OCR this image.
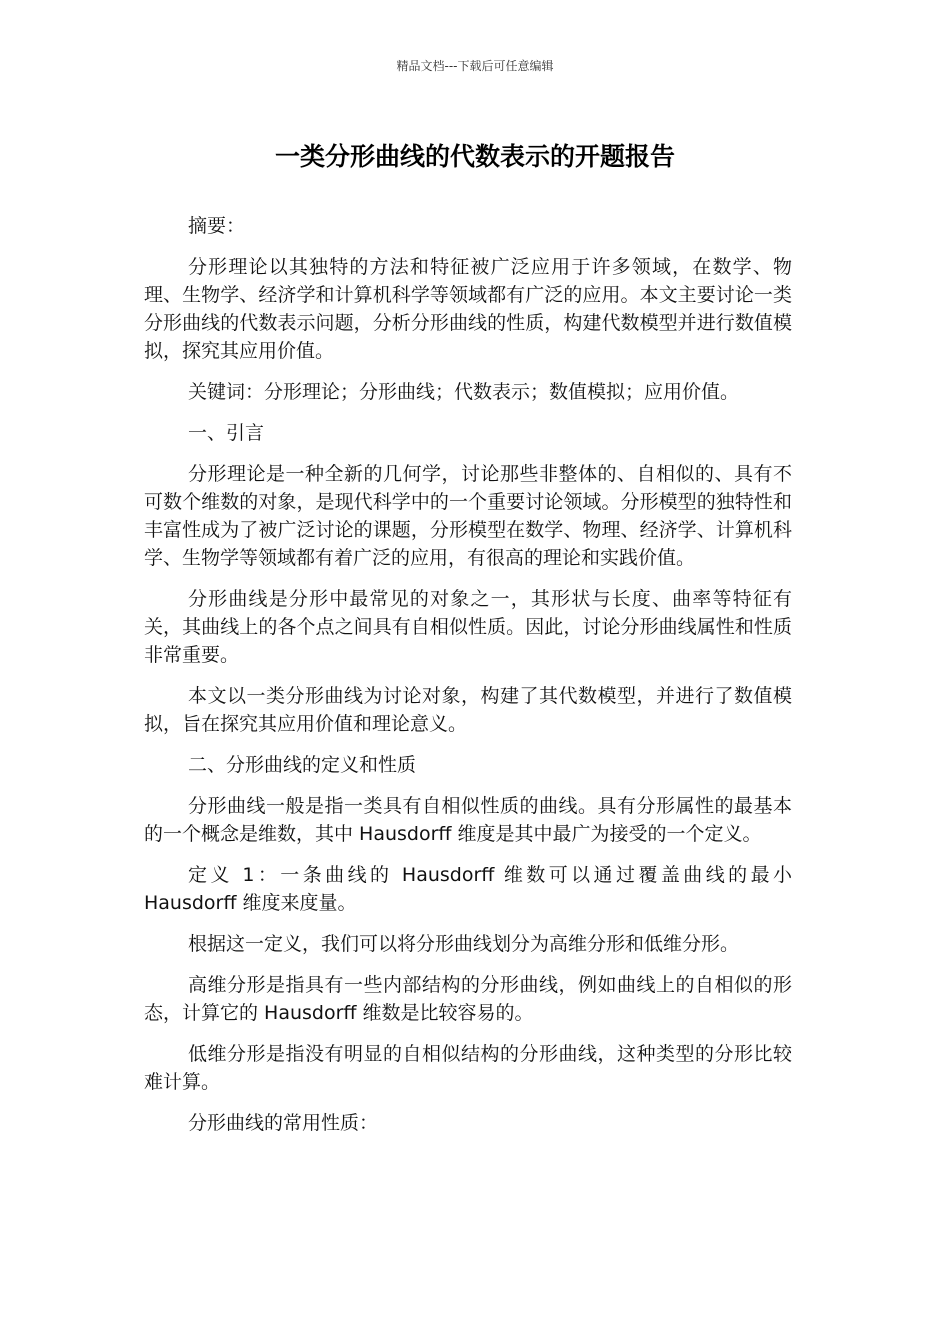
精品文档---下载后可任意编辑
一类分形曲线的代数表示的开题报告

摘要：

分形理论以其独特的方法和特征被广泛应用于许多领域，在数学、物理、生物学、经济学和计算机科学等领域都有广泛的应用。本文主要讨论一类分形曲线的代数表示问题，分析分形曲线的性质，构建代数模型并进行数值模拟，探究其应用价值。

关键词：分形理论；分形曲线；代数表示；数值模拟；应用价值。

一、引言

分形理论是一种全新的几何学，讨论那些非整体的、自相似的、具有不可数个维数的对象，是现代科学中的一个重要讨论领域。分形模型的独特性和丰富性成为了被广泛讨论的课题，分形模型在数学、物理、经济学、计算机科学、生物学等领域都有着广泛的应用，有很高的理论和实践价值。

分形曲线是分形中最常见的对象之一，其形状与长度、曲率等特征有关，其曲线上的各个点之间具有自相似性质。因此，讨论分形曲线属性和性质非常重要。

本文以一类分形曲线为讨论对象，构建了其代数模型，并进行了数值模拟，旨在探究其应用价值和理论意义。

二、分形曲线的定义和性质

分形曲线一般是指一类具有自相似性质的曲线。具有分形属性的最基本的一个概念是维数，其中 Hausdorff 维度是其中最广为接受的一个定义。

定义 1：一条曲线的 Hausdorff 维数可以通过覆盖曲线的最小 Hausdorff 维度来度量。

根据这一定义，我们可以将分形曲线划分为高维分形和低维分形。

高维分形是指具有一些内部结构的分形曲线，例如曲线上的自相似的形态，计算它的 Hausdorff 维数是比较容易的。

低维分形是指没有明显的自相似结构的分形曲线，这种类型的分形比较难计算。

分形曲线的常用性质：
